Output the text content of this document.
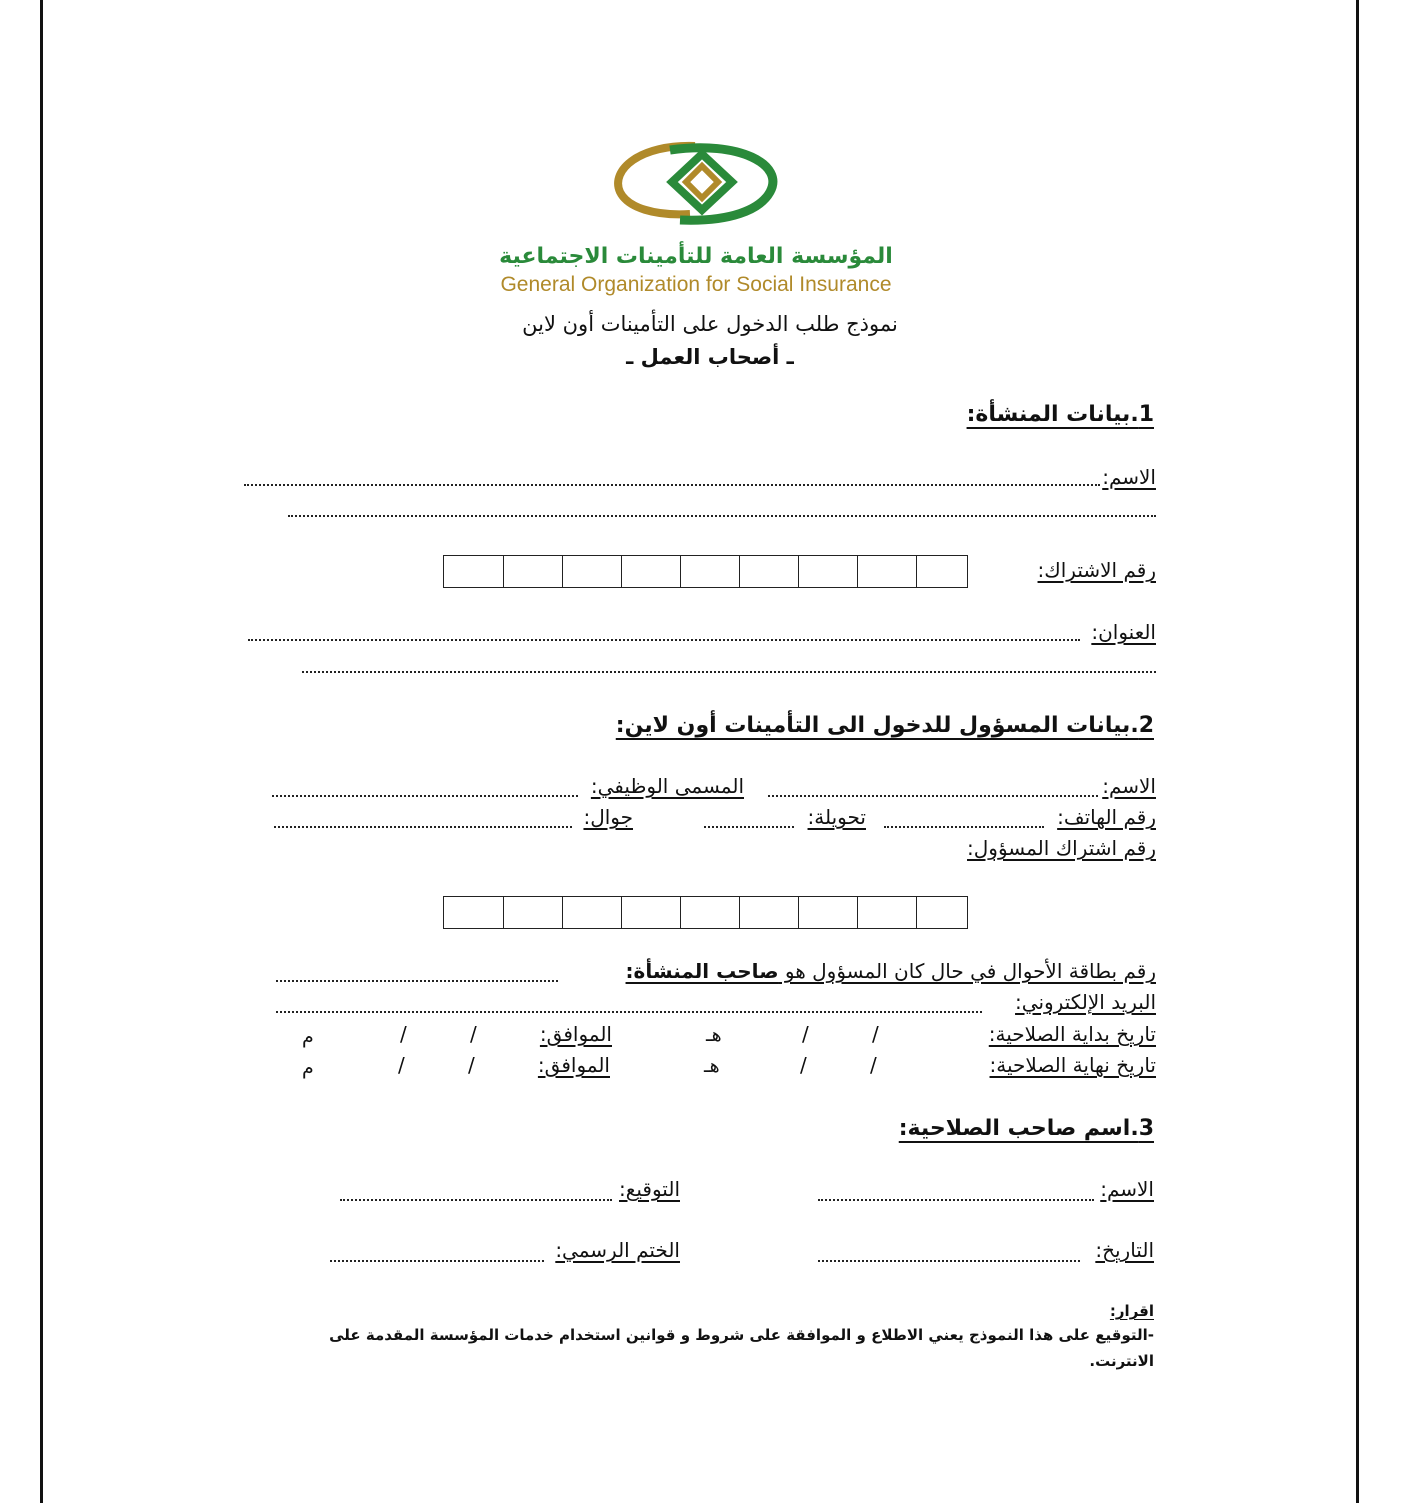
المؤسسة العامة للتأمينات الاجتماعية
General Organization for Social Insurance
نموذج طلب الدخول على التأمينات أون لاين
ـ أصحاب العمل ـ
1.بيانات المنشأة:
الاسم:
رقم الاشتراك:
العنوان:
2.بيانات المسؤول للدخول الى التأمينات أون لاين:
الاسم:
المسمى الوظيفي:
رقم الهاتف:
تحويلة:
جوال:
رقم اشتراك المسؤول:
رقم بطاقة الأحوال في حال كان المسؤول هو صاحب المنشأة:
البريد الإلكتروني:
تاريخ بداية الصلاحية:
/
/
هـ
الموافق:
/
/
م
تاريخ نهاية الصلاحية:
/
/
هـ
الموافق:
/
/
م
3.اسم صاحب الصلاحية:
الاسم:
التوقيع:
التاريخ:
الختم الرسمي:
اقرار:
-التوقيع على هذا النموذج يعني الاطلاع و الموافقة على شروط و قوانين استخدام خدمات المؤسسة المقدمة على
الانترنت.
